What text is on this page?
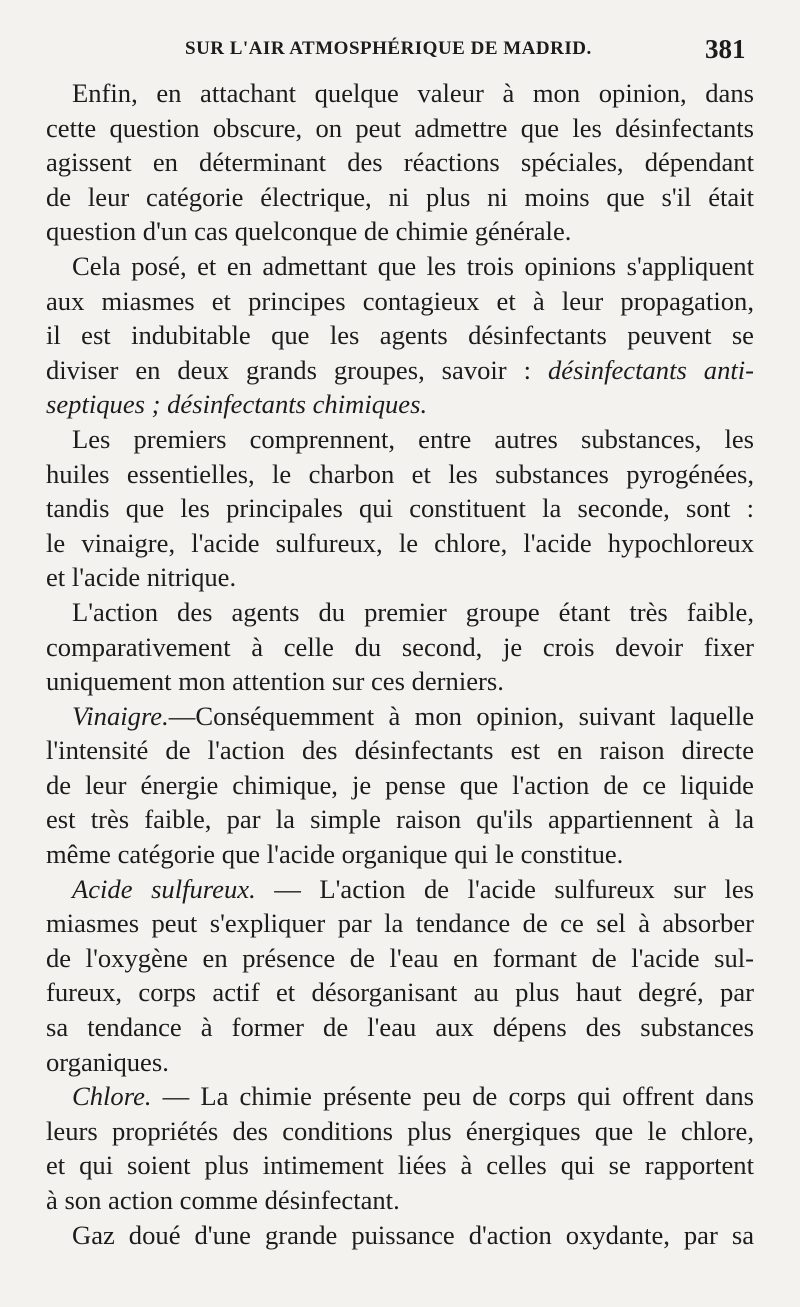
SUR L'AIR ATMOSPHÉRIQUE DE MADRID.	381
Enfin, en attachant quelque valeur à mon opinion, dans
cette question obscure, on peut admettre que les désinfectants
agissent en déterminant des réactions spéciales, dépendant
de leur catégorie électrique, ni plus ni moins que s'il était
question d'un cas quelconque de chimie générale.
Cela posé, et en admettant que les trois opinions s'appliquent
aux miasmes et principes contagieux et à leur propagation,
il est indubitable que les agents désinfectants peuvent se
diviser en deux grands groupes, savoir : désinfectants anti-
septiques ; désinfectants chimiques.
Les premiers comprennent, entre autres substances, les
huiles essentielles, le charbon et les substances pyrogénées,
tandis que les principales qui constituent la seconde, sont :
le vinaigre, l'acide sulfureux, le chlore, l'acide hypochloreux
et l'acide nitrique.
L'action des agents du premier groupe étant très faible,
comparativement à celle du second, je crois devoir fixer
uniquement mon attention sur ces derniers.
Vinaigre.—Conséquemment à mon opinion, suivant laquelle
l'intensité de l'action des désinfectants est en raison directe
de leur énergie chimique, je pense que l'action de ce liquide
est très faible, par la simple raison qu'ils appartiennent à la
même catégorie que l'acide organique qui le constitue.
Acide sulfureux. — L'action de l'acide sulfureux sur les
miasmes peut s'expliquer par la tendance de ce sel à absorber
de l'oxygène en présence de l'eau en formant de l'acide sul-
fureux, corps actif et désorganisant au plus haut degré, par
sa tendance à former de l'eau aux dépens des substances
organiques.
Chlore. — La chimie présente peu de corps qui offrent dans
leurs propriétés des conditions plus énergiques que le chlore,
et qui soient plus intimement liées à celles qui se rapportent
à son action comme désinfectant.
Gaz doué d'une grande puissance d'action oxydante, par sa
